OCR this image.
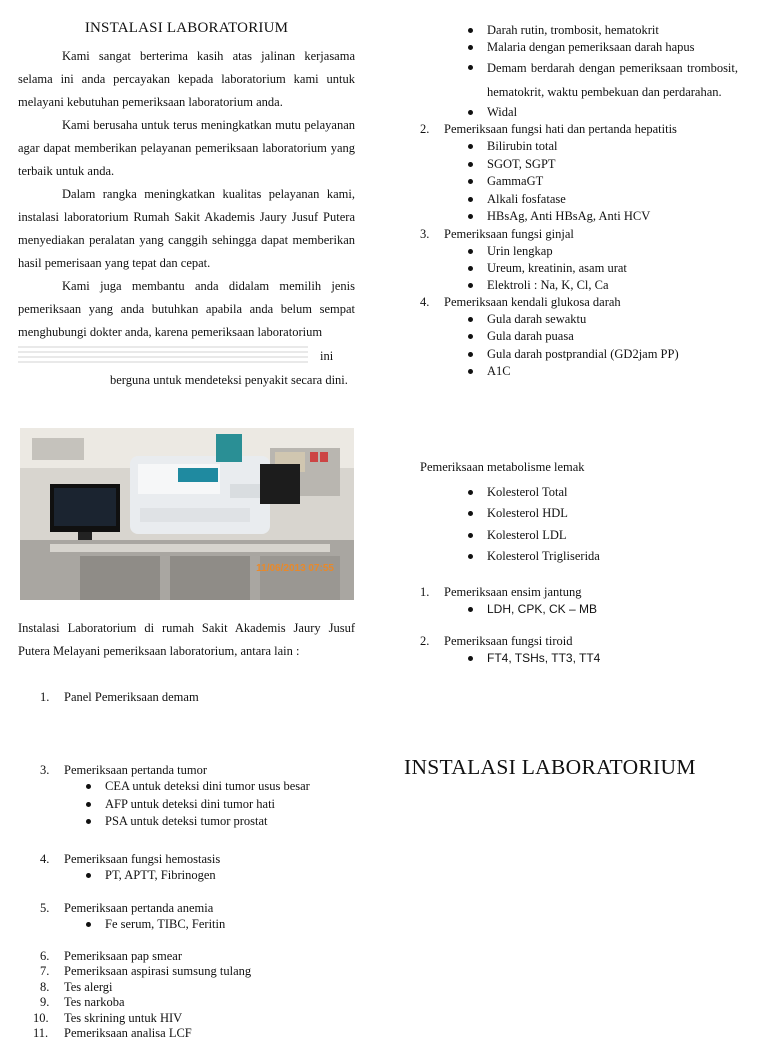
INSTALASI LABORATORIUM

Kami sangat berterima kasih atas jalinan kerjasama selama ini anda percayakan kepada laboratorium kami untuk melayani kebutuhan pemeriksaan laboratorium anda.

Kami berusaha untuk terus meningkatkan mutu pelayanan agar dapat memberikan pelayanan pemeriksaan laboratorium yang terbaik untuk anda.

Dalam rangka meningkatkan kualitas pelayanan kami, instalasi laboratorium Rumah Sakit Akademis Jaury Jusuf Putera menyediakan peralatan yang canggih sehingga dapat memberikan hasil pemerisaan yang tepat dan cepat.

Kami juga membantu anda didalam memilih jenis pemeriksaan yang anda butuhkan apabila anda belum sempat menghubungi dokter anda, karena pemeriksaan laboratorium

ini
berguna untuk mendeteksi penyakit secara dini.
11/06/2013 07:55

Instalasi Laboratorium di rumah Sakit Akademis Jaury Jusuf Putera Melayani pemeriksaan laboratorium, antara lain :

1. Panel Pemeriksaan demam
3. Pemeriksaan pertanda tumor
CEA untuk deteksi dini tumor usus besar
AFP untuk deteksi dini tumor hati
PSA untuk deteksi tumor prostat
4. Pemeriksaan fungsi hemostasis
PT, APTT, Fibrinogen
5. Pemeriksaan pertanda anemia
Fe serum, TIBC, Feritin
6. Pemeriksaan pap smear
7. Pemeriksaan aspirasi sumsung tulang
8. Tes alergi
9. Tes narkoba
10. Tes skrining untuk HIV
11. Pemeriksaan analisa LCF
Darah rutin, trombosit, hematokrit
Malaria dengan pemeriksaan darah hapus
Demam berdarah dengan pemeriksaan trombosit, hematokrit, waktu pembekuan dan perdarahan.
Widal
2. Pemeriksaan fungsi hati dan pertanda hepatitis
Bilirubin total
SGOT, SGPT
GammaGT
Alkali fosfatase
HBsAg, Anti HBsAg, Anti HCV
3. Pemeriksaan fungsi ginjal
Urin lengkap
Ureum, kreatinin, asam urat
Elektroli : Na, K, Cl, Ca
4. Pemeriksaan kendali glukosa darah
Gula darah sewaktu
Gula darah puasa
Gula darah postprandial (GD2jam PP)
A1C
Pemeriksaan metabolisme lemak
Kolesterol Total
Kolesterol HDL
Kolesterol LDL
Kolesterol Trigliserida
1. Pemeriksaan ensim jantung
LDH, CPK, CK – MB
2. Pemeriksaan fungsi tiroid
FT4, TSHs, TT3, TT4
INSTALASI LABORATORIUM
